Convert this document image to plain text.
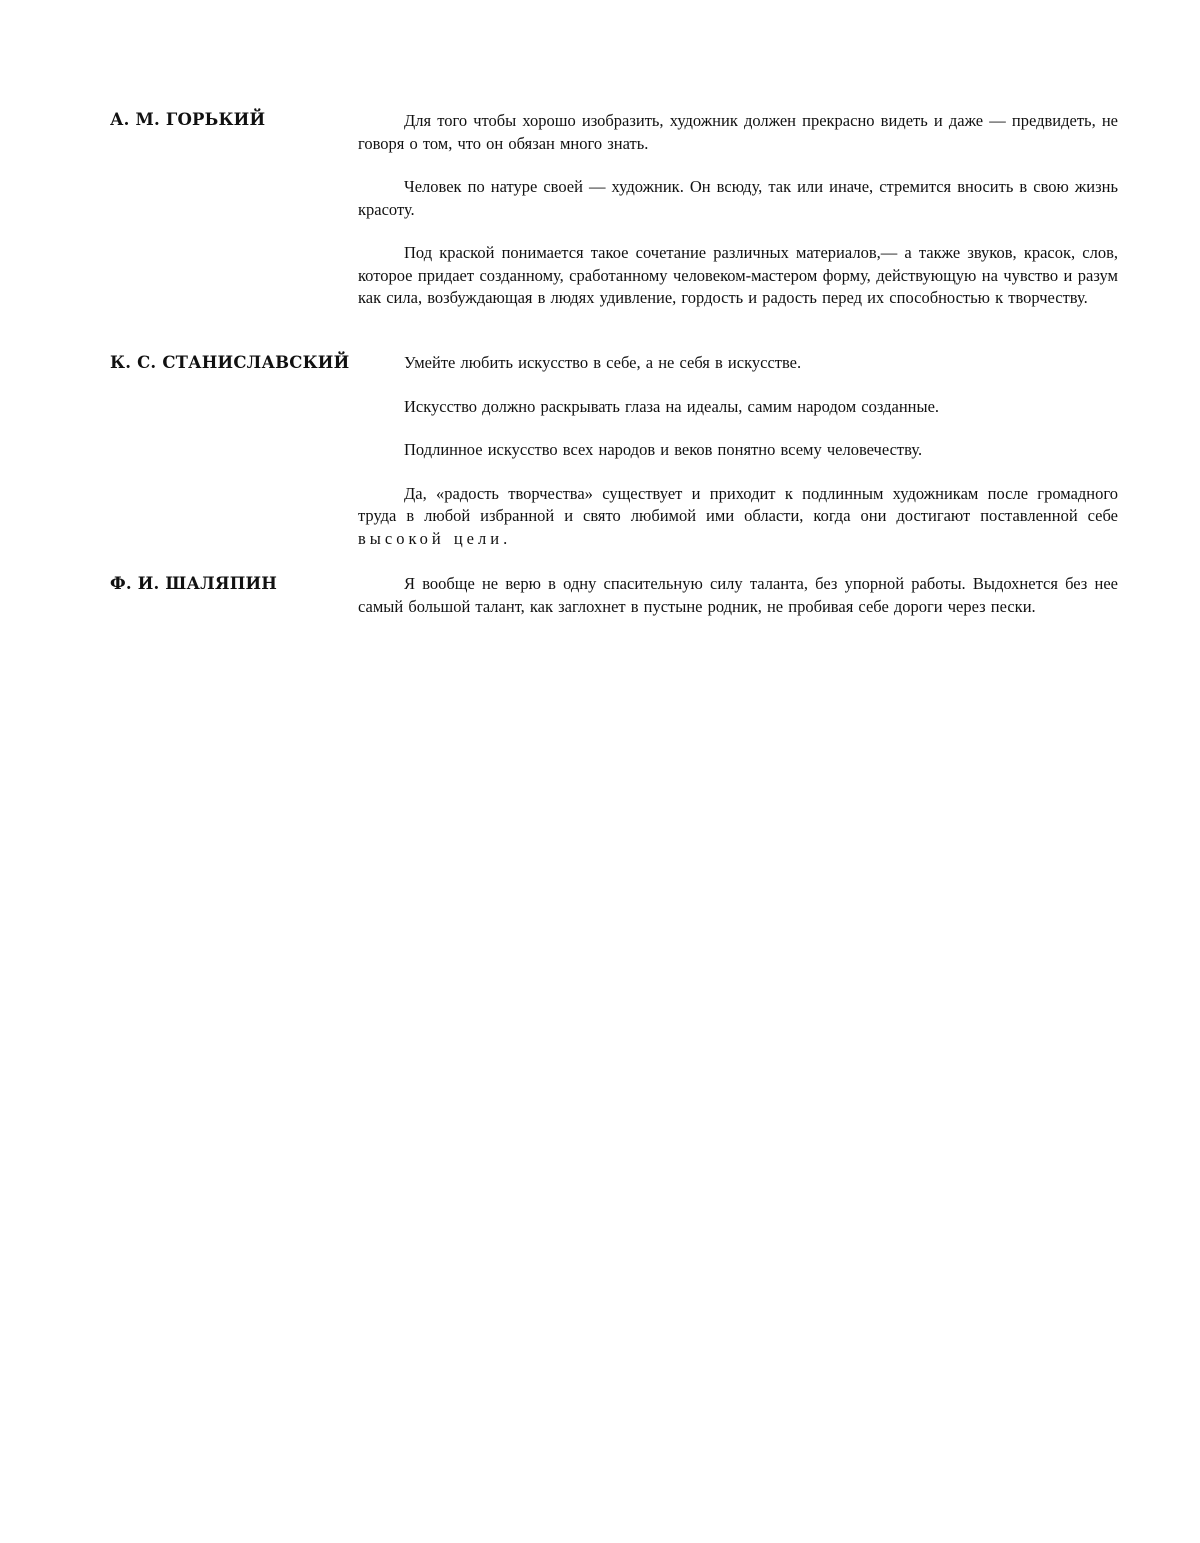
А. М. ГОРЬКИЙ	Для того чтобы хорошо изобразить, художник должен прекрасно видеть и даже — предвидеть, не говоря о том, что он обязан много знать.

Человек по натуре своей — художник. Он всюду, так или иначе, стремится вносить в свою жизнь красоту.

Под краской понимается такое сочетание различных материалов,— а также звуков, красок, слов, которое придает созданному, сработанному человеком-мастером форму, действующую на чувство и разум как сила, возбуждающая в людях удивление, гордость и радость перед их способностью к творчеству.

К. С. СТАНИСЛАВСКИЙ	Умейте любить искусство в себе, а не себя в искусстве.

Искусство должно раскрывать глаза на идеалы, самим народом созданные.

Подлинное искусство всех народов и веков понятно всему человечеству.

Да, «радость творчества» существует и приходит к подлинным художникам после громадного труда в любой избранной и свято любимой ими области, когда они достигают поставленной себе высокой цели.

Ф. И. ШАЛЯПИН	Я вообще не верю в одну спасительную силу таланта, без упорной работы. Выдохнется без нее самый большой талант, как заглохнет в пустыне родник, не пробивая себе дороги через пески.
